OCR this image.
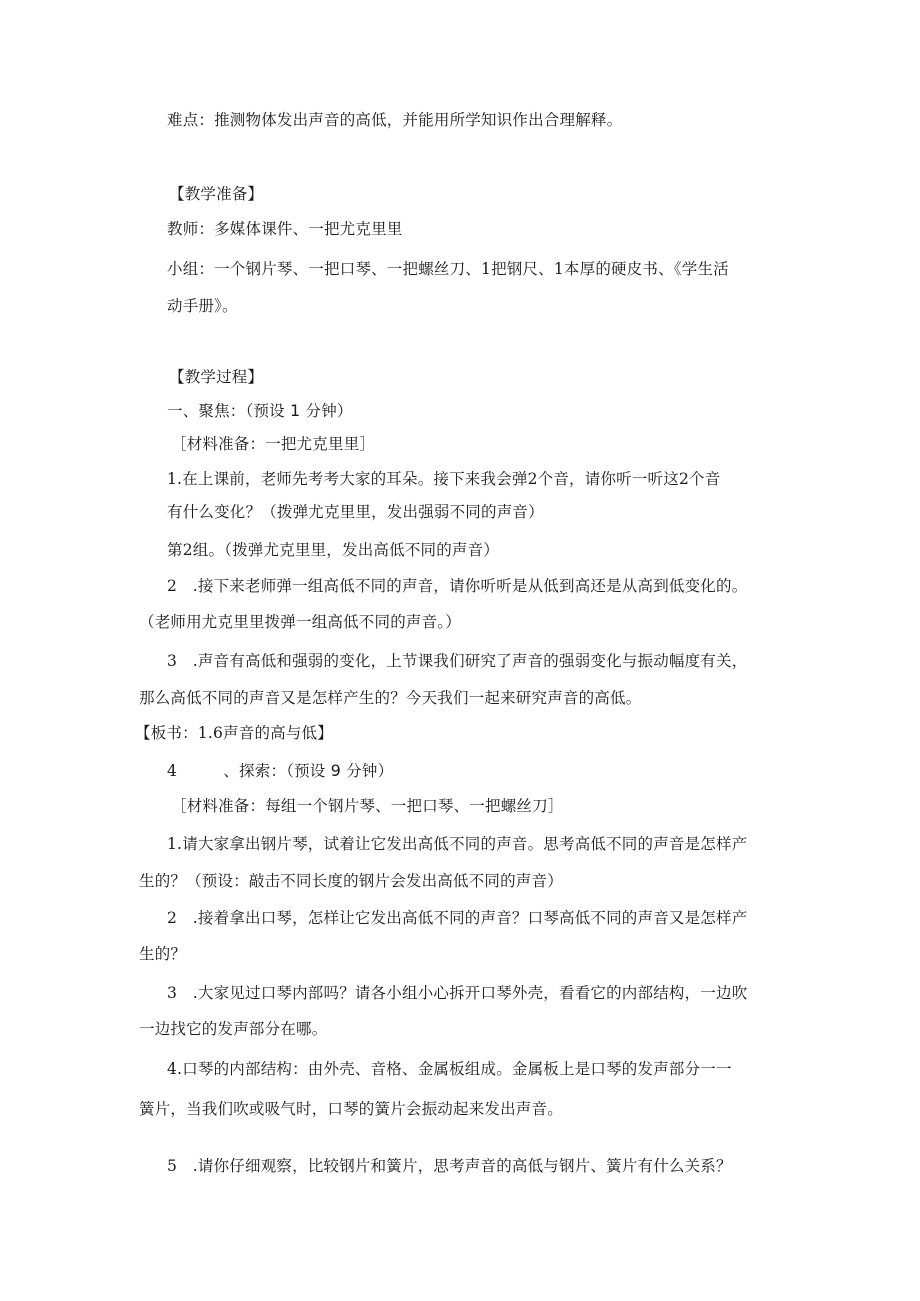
难点：推测物体发出声音的高低，并能用所学知识作出合理解释。
【教学准备】
教师：多媒体课件、一把尤克里里
小组：一个钢片琴、一把口琴、一把螺丝刀、1把钢尺、1本厚的硬皮书、《学生活
动手册》。
【教学过程】
一、聚焦：（预设 1 分钟）
［材料准备：一把尤克里里］
1.在上课前，老师先考考大家的耳朵。接下来我会弹2个音，请你听一听这2个音
有什么变化？（拨弹尤克里里，发出强弱不同的声音）
第2组。（拨弹尤克里里，发出高低不同的声音）
2　.接下来老师弹一组高低不同的声音，请你听听是从低到高还是从高到低变化的。
（老师用尤克里里拨弹一组高低不同的声音。）
3　.声音有高低和强弱的变化，上节课我们研究了声音的强弱变化与振动幅度有关，
那么高低不同的声音又是怎样产生的？今天我们一起来研究声音的高低。
【板书：1.6声音的高与低】
4	、探索：（预设 9 分钟）
［材料准备：每组一个钢片琴、一把口琴、一把螺丝刀］
1.请大家拿出钢片琴，试着让它发出高低不同的声音。思考高低不同的声音是怎样产
生的？（预设：敲击不同长度的钢片会发出高低不同的声音）
2　.接着拿出口琴，怎样让它发出高低不同的声音？口琴高低不同的声音又是怎样产
生的？
3　.大家见过口琴内部吗？请各小组小心拆开口琴外壳，看看它的内部结构，一边吹
一边找它的发声部分在哪。
4.口琴的内部结构：由外壳、音格、金属板组成。金属板上是口琴的发声部分一一
簧片，当我们吹或吸气时，口琴的簧片会振动起来发出声音。
5　.请你仔细观察，比较钢片和簧片，思考声音的高低与钢片、簧片有什么关系？
